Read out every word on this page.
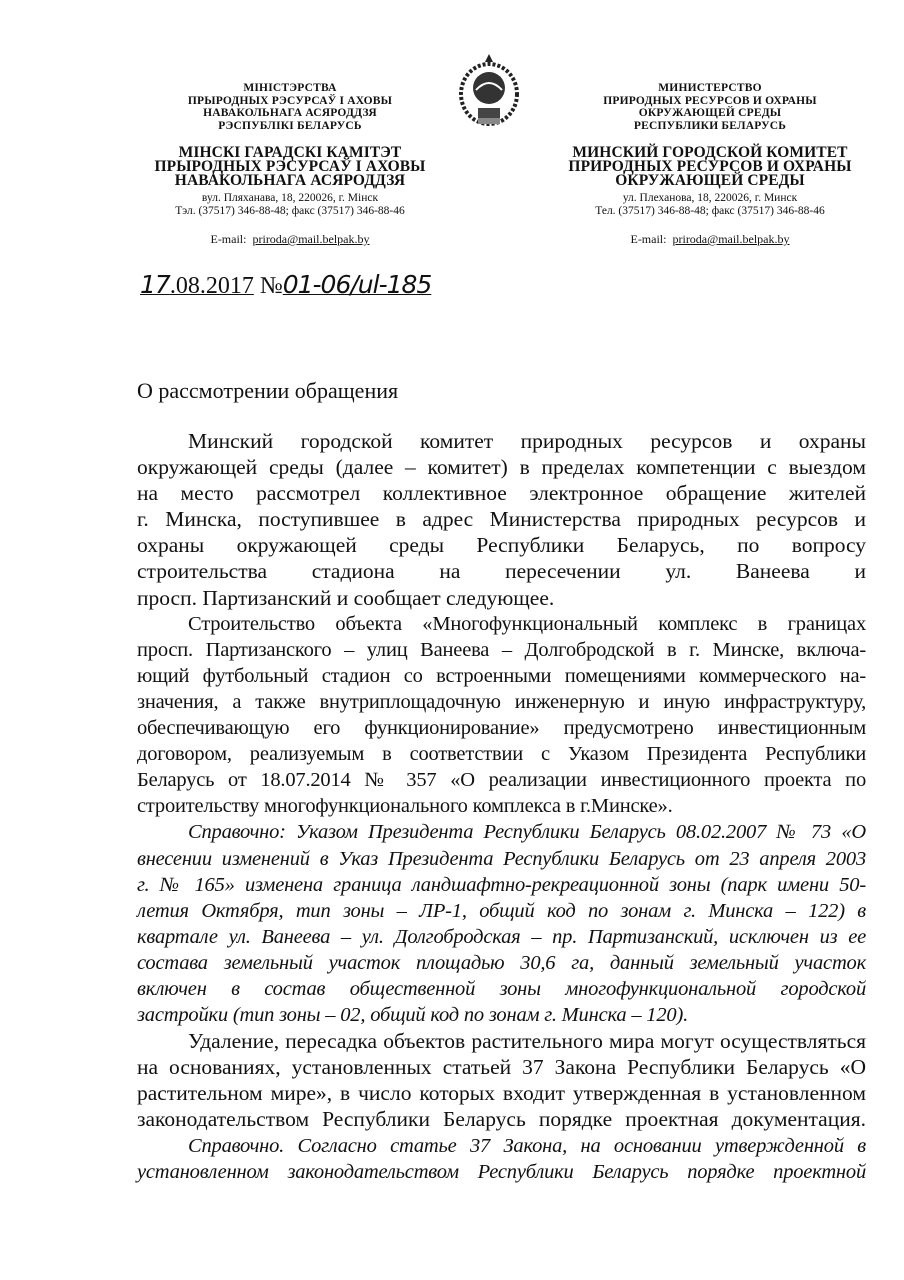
МІНІСТЭРСТВА
ПРЫРОДНЫХ РЭСУРСАЎ І АХОВЫ
НАВАКОЛЬНАГА АСЯРОДДЗЯ
РЭСПУБЛІКІ БЕЛАРУСЬ
МІНСКІ ГАРАДСКІ КАМІТЭТ
ПРЫРОДНЫХ РЭСУРСАЎ І АХОВЫ
НАВАКОЛЬНАГА АСЯРОДДЗЯ
вул. Пляханава, 18, 220026, г. Мінск
Тэл. (37517) 346-88-48; факс (37517) 346-88-46
E-mail: priroda@mail.belpak.by
МИНИСТЕРСТВО
ПРИРОДНЫХ РЕСУРСОВ И ОХРАНЫ
ОКРУЖАЮЩЕЙ СРЕДЫ
РЕСПУБЛИКИ БЕЛАРУСЬ
МИНСКИЙ ГОРОДСКОЙ КОМИТЕТ
ПРИРОДНЫХ РЕСУРСОВ И ОХРАНЫ
ОКРУЖАЮЩЕЙ СРЕДЫ
ул. Плеханова, 18, 220026, г. Минск
Тел. (37517) 346-88-48; факс (37517) 346-88-46
E-mail: priroda@mail.belpak.by
17.08.2017 №01-06/ul-185
О рассмотрении обращения
Минский городской комитет природных ресурсов и охраны
окружающей среды (далее – комитет) в пределах компетенции с выездом
на место рассмотрел коллективное электронное обращение жителей
г. Минска, поступившее в адрес Министерства природных ресурсов и
охраны окружающей среды Республики Беларусь, по вопросу
строительства стадиона на пересечении ул. Ванеева и
просп. Партизанский и сообщает следующее.
Строительство объекта «Многофункциональный комплекс в границах
просп. Партизанского – улиц Ванеева – Долгобродской в г. Минске, включа-
ющий футбольный стадион со встроенными помещениями коммерческого на-
значения, а также внутриплощадочную инженерную и иную инфраструктуру,
обеспечивающую его функционирование» предусмотрено инвестиционным
договором, реализуемым в соответствии с Указом Президента Республики
Беларусь от 18.07.2014 № 357 «О реализации инвестиционного проекта по
строительству многофункционального комплекса в г.Минске».
Справочно: Указом Президента Республики Беларусь 08.02.2007 № 73 «О
внесении изменений в Указ Президента Республики Беларусь от 23 апреля 2003
г. № 165» изменена граница ландшафтно-рекреационной зоны (парк имени 50-
летия Октября, тип зоны – ЛР-1, общий код по зонам г. Минска – 122) в
квартале ул. Ванеева – ул. Долгобродская – пр. Партизанский, исключен из ее
состава земельный участок площадью 30,6 га, данный земельный участок
включен в состав общественной зоны многофункциональной городской
застройки (тип зоны – 02, общий код по зонам г. Минска – 120).
Удаление, пересадка объектов растительного мира могут осуществляться
на основаниях, установленных статьей 37 Закона Республики Беларусь «О
растительном мире», в число которых входит утвержденная в установленном
законодательством Республики Беларусь порядке проектная документация.
Справочно. Согласно статье 37 Закона, на основании утвержденной в
установленном законодательством Республики Беларусь порядке проектной
